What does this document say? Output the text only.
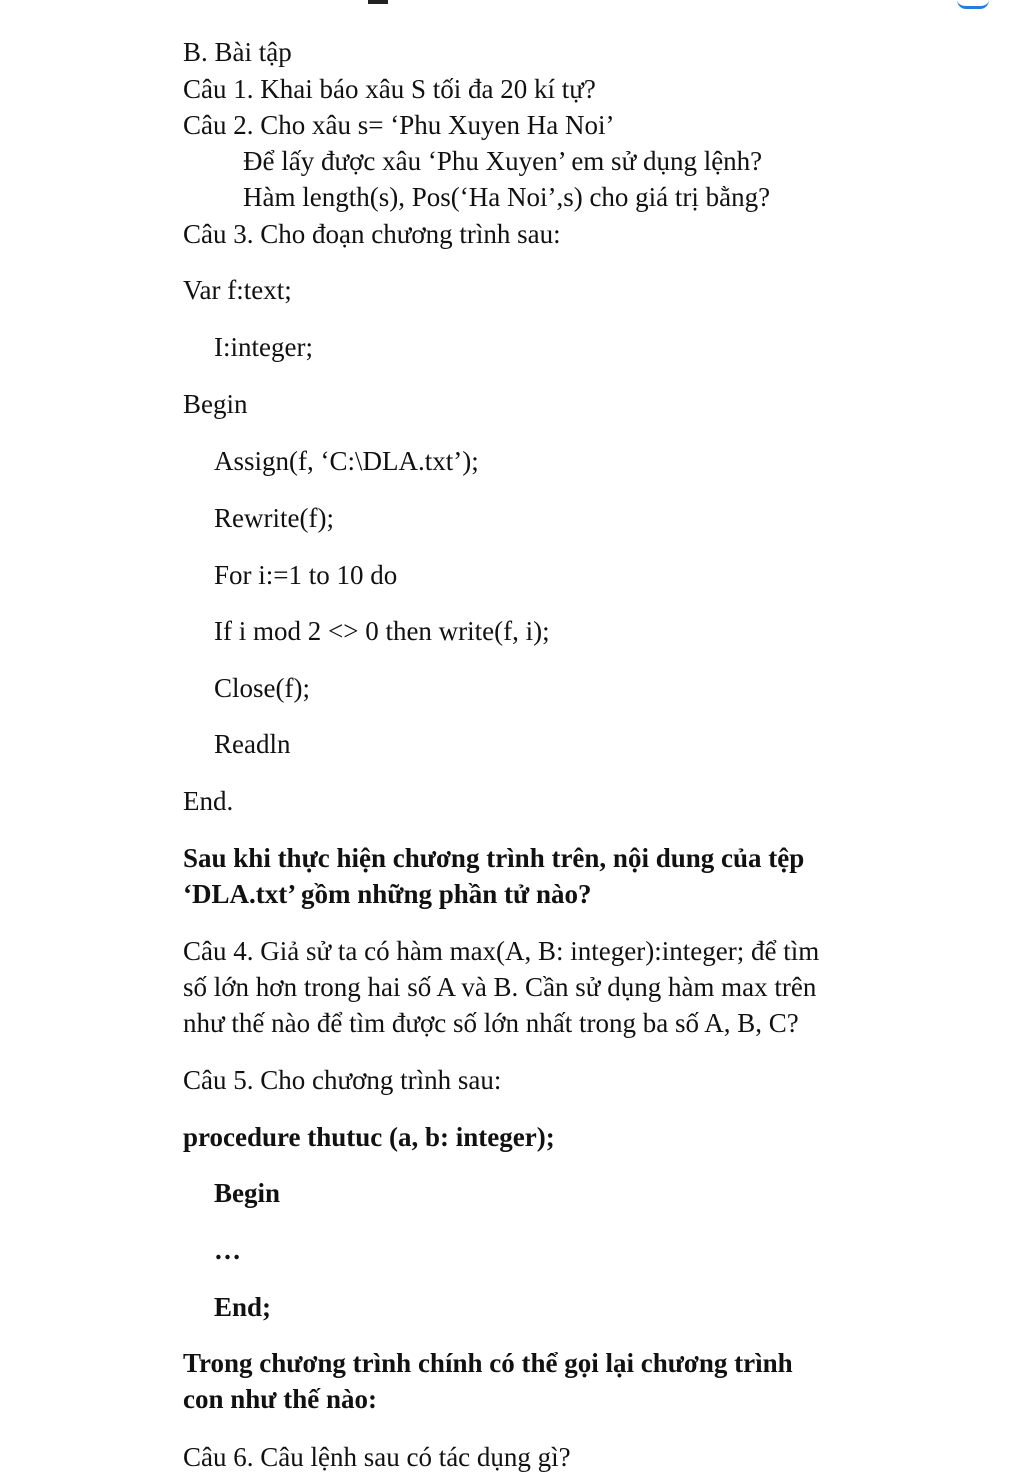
B. Bài tập
Câu 1. Khai báo xâu S tối đa 20 kí tự?
Câu 2. Cho xâu s= ‘Phu Xuyen Ha Noi’
Để lấy được xâu ‘Phu Xuyen’ em sử dụng lệnh?
Hàm length(s), Pos(‘Ha Noi’,s) cho giá trị bằng?
Câu 3. Cho đoạn chương trình sau:
Var f:text;
I:integer;
Begin
Assign(f, ‘C:\DLA.txt’);
Rewrite(f);
For i:=1 to 10 do
If i mod 2 <> 0 then write(f, i);
Close(f);
Readln
End.
Sau khi thực hiện chương trình trên, nội dung của tệp
‘DLA.txt’ gồm những phần tử nào?
Câu 4. Giả sử ta có hàm max(A, B: integer):integer; để tìm
số lớn hơn trong hai số A và B. Cần sử dụng hàm max trên
như thế nào để tìm được số lớn nhất trong ba số A, B, C?
Câu 5. Cho chương trình sau:
procedure thutuc (a, b: integer);
Begin
…
End;
Trong chương trình chính có thể gọi lại chương trình
con như thế nào:
Câu 6. Câu lệnh sau có tác dụng gì?
